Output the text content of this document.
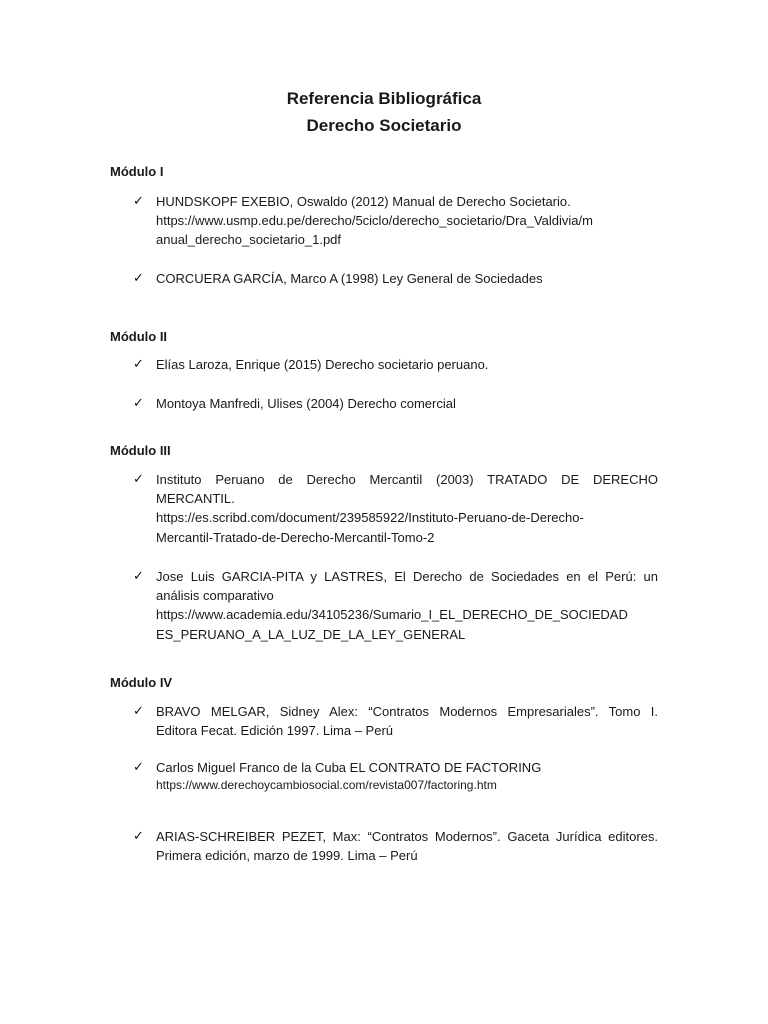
Referencia Bibliográfica
Derecho Societario
Módulo I
✓ HUNDSKOPF EXEBIO, Oswaldo (2012) Manual de Derecho Societario.
https://www.usmp.edu.pe/derecho/5ciclo/derecho_societario/Dra_Valdivia/m
anual_derecho_societario_1.pdf
✓ CORCUERA GARCÍA, Marco A (1998) Ley General de Sociedades
Módulo II
✓ Elías Laroza, Enrique (2015) Derecho societario peruano.
✓ Montoya Manfredi, Ulises (2004) Derecho comercial
Módulo III
✓ Instituto Peruano de Derecho Mercantil (2003) TRATADO DE DERECHO
MERCANTIL.
https://es.scribd.com/document/239585922/Instituto-Peruano-de-Derecho-
Mercantil-Tratado-de-Derecho-Mercantil-Tomo-2
✓ Jose Luis GARCIA-PITA y LASTRES, El Derecho de Sociedades en el Perú: un
análisis comparativo
https://www.academia.edu/34105236/Sumario_I_EL_DERECHO_DE_SOCIEDAD
ES_PERUANO_A_LA_LUZ_DE_LA_LEY_GENERAL
Módulo IV
✓ BRAVO MELGAR, Sidney Alex: “Contratos Modernos Empresariales”. Tomo I.
Editora Fecat. Edición 1997. Lima – Perú
✓ Carlos Miguel Franco de la Cuba EL CONTRATO DE FACTORING
https://www.derechoycambiosocial.com/revista007/factoring.htm
✓ ARIAS-SCHREIBER PEZET, Max: “Contratos Modernos”. Gaceta Jurídica editores.
Primera edición, marzo de 1999. Lima – Perú
